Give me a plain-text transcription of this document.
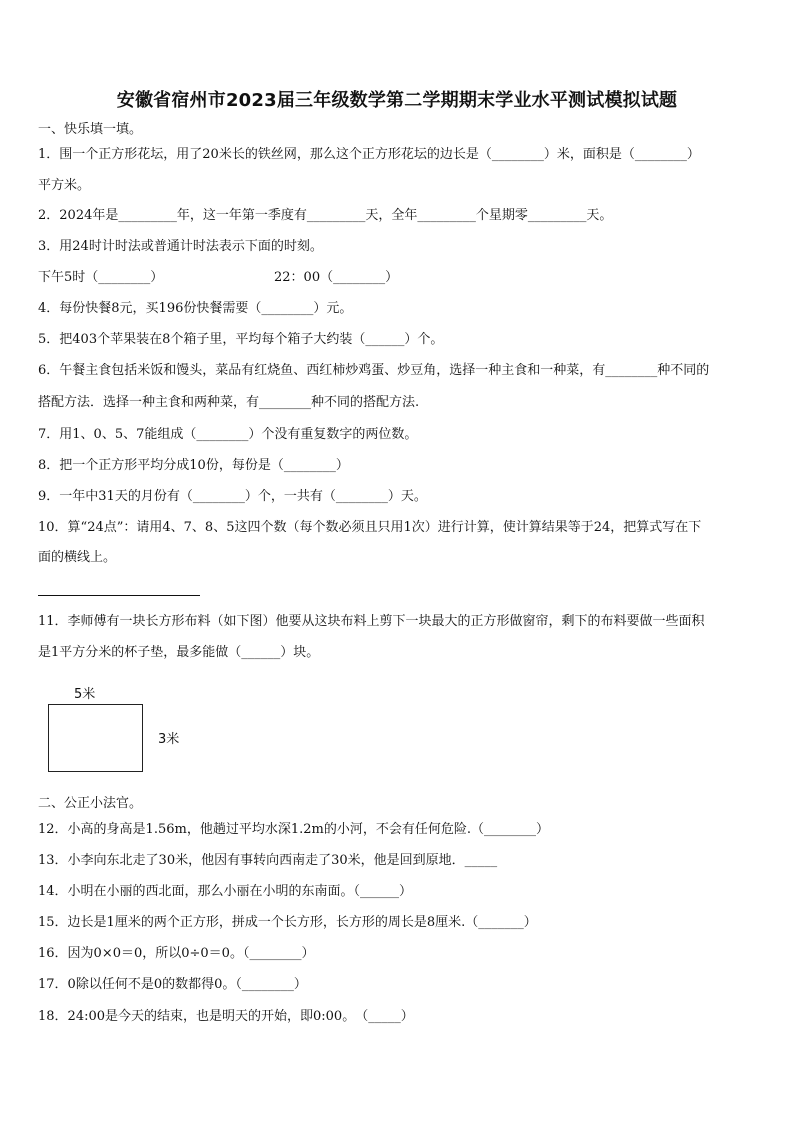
安徽省宿州市2023届三年级数学第二学期期末学业水平测试模拟试题
一、快乐填一填。
1．围一个正方形花坛，用了20米长的铁丝网，那么这个正方形花坛的边长是（________）米，面积是（________）
平方米。
2．2024年是_________年，这一年第一季度有_________天，全年_________个星期零_________天。
3．用24时计时法或普通计时法表示下面的时刻。
下午5时（________）	22：00（________）
4．每份快餐8元，买196份快餐需要（________）元。
5．把403个苹果装在8个箱子里，平均每个箱子大约装（______）个。
6．午餐主食包括米饭和馒头，菜品有红烧鱼、西红柿炒鸡蛋、炒豆角，选择一种主食和一种菜，有________种不同的
搭配方法．选择一种主食和两种菜，有________种不同的搭配方法.
7．用1、0、5、7能组成（________）个没有重复数字的两位数。
8．把一个正方形平均分成10份，每份是（________）
9．一年中31天的月份有（________）个，一共有（________）天。
10．算“24点”：请用4、7、8、5这四个数（每个数必须且只用1次）进行计算，使计算结果等于24，把算式写在下
面的横线上。
11．李师傅有一块长方形布料（如下图）他要从这块布料上剪下一块最大的正方形做窗帘，剩下的布料要做一些面积
是1平方分米的杯子垫，最多能做（______）块。
5米
3米
二、公正小法官。
12．小高的身高是1.56m，他趟过平均水深1.2m的小河，不会有任何危险.（________）
13．小李向东北走了30米，他因有事转向西南走了30米，他是回到原地．_____
14．小明在小丽的西北面，那么小丽在小明的东南面。（______）
15．边长是1厘米的两个正方形，拼成一个长方形，长方形的周长是8厘米.（_______）
16．因为0×0＝0，所以0÷0＝0。（________）
17．0除以任何不是0的数都得0。（________）
18．24:00是今天的结束，也是明天的开始，即0:00。　（_____）
